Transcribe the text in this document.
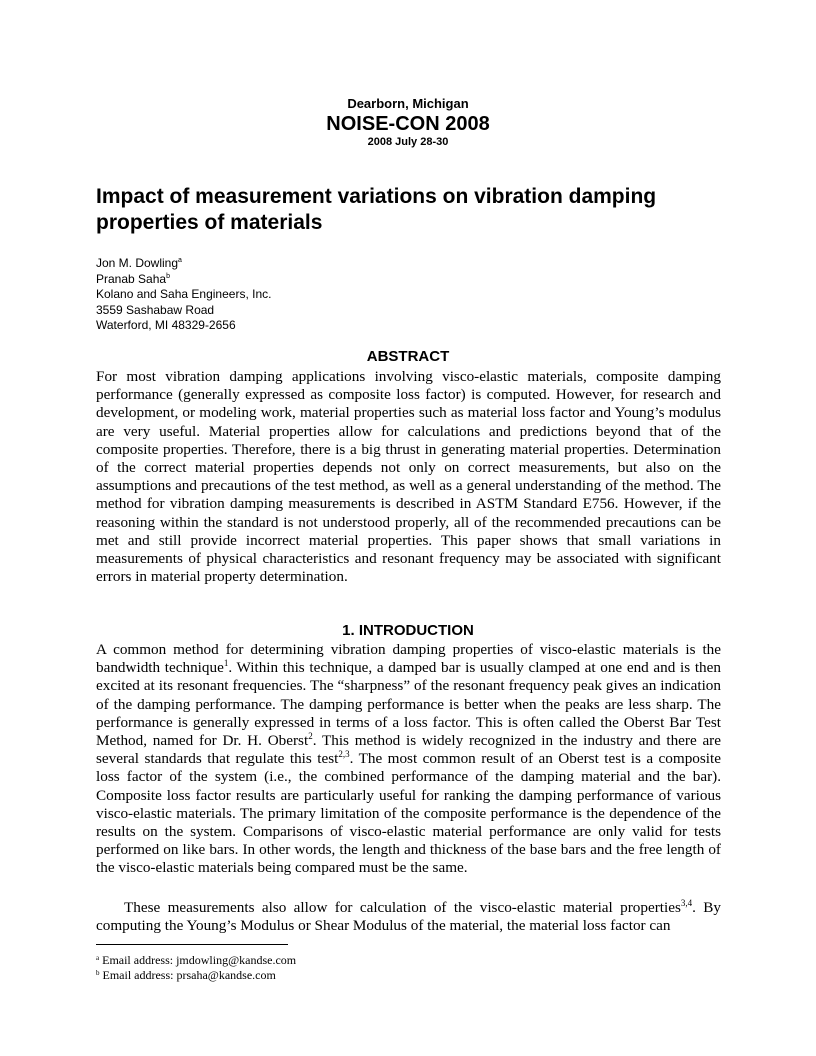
Dearborn, Michigan
NOISE-CON 2008
2008 July 28-30
Impact of measurement variations on vibration damping properties of materials
Jon M. Dowling$^a$
Pranab Saha$^b$
Kolano and Saha Engineers, Inc.
3559 Sashabaw Road
Waterford, MI 48329-2656
ABSTRACT

For most vibration damping applications involving visco-elastic materials, composite damping performance (generally expressed as composite loss factor) is computed. However, for research and development, or modeling work, material properties such as material loss factor and Young’s modulus are very useful. Material properties allow for calculations and predictions beyond that of the composite properties. Therefore, there is a big thrust in generating material properties. Determination of the correct material properties depends not only on correct measurements, but also on the assumptions and precautions of the test method, as well as a general understanding of the method. The method for vibration damping measurements is described in ASTM Standard E756. However, if the reasoning within the standard is not understood properly, all of the recommended precautions can be met and still provide incorrect material properties. This paper shows that small variations in measurements of physical characteristics and resonant frequency may be associated with significant errors in material property determination.

1. INTRODUCTION

A common method for determining vibration damping properties of visco-elastic materials is the bandwidth technique$^1$. Within this technique, a damped bar is usually clamped at one end and is then excited at its resonant frequencies. The “sharpness” of the resonant frequency peak gives an indication of the damping performance. The damping performance is better when the peaks are less sharp. The performance is generally expressed in terms of a loss factor. This is often called the Oberst Bar Test Method, named for Dr. H. Oberst$^2$. This method is widely recognized in the industry and there are several standards that regulate this test$^{2,3}$. The most common result of an Oberst test is a composite loss factor of the system (i.e., the combined performance of the damping material and the bar). Composite loss factor results are particularly useful for ranking the damping performance of various visco-elastic materials. The primary limitation of the composite performance is the dependence of the results on the system. Comparisons of visco-elastic material performance are only valid for tests performed on like bars. In other words, the length and thickness of the base bars and the free length of the visco-elastic materials being compared must be the same.

These measurements also allow for calculation of the visco-elastic material properties$^{3,4}$. By computing the Young’s Modulus or Shear Modulus of the material, the material loss factor can

$^a$ Email address: jmdowling@kandse.com
$^b$ Email address: prsaha@kandse.com
